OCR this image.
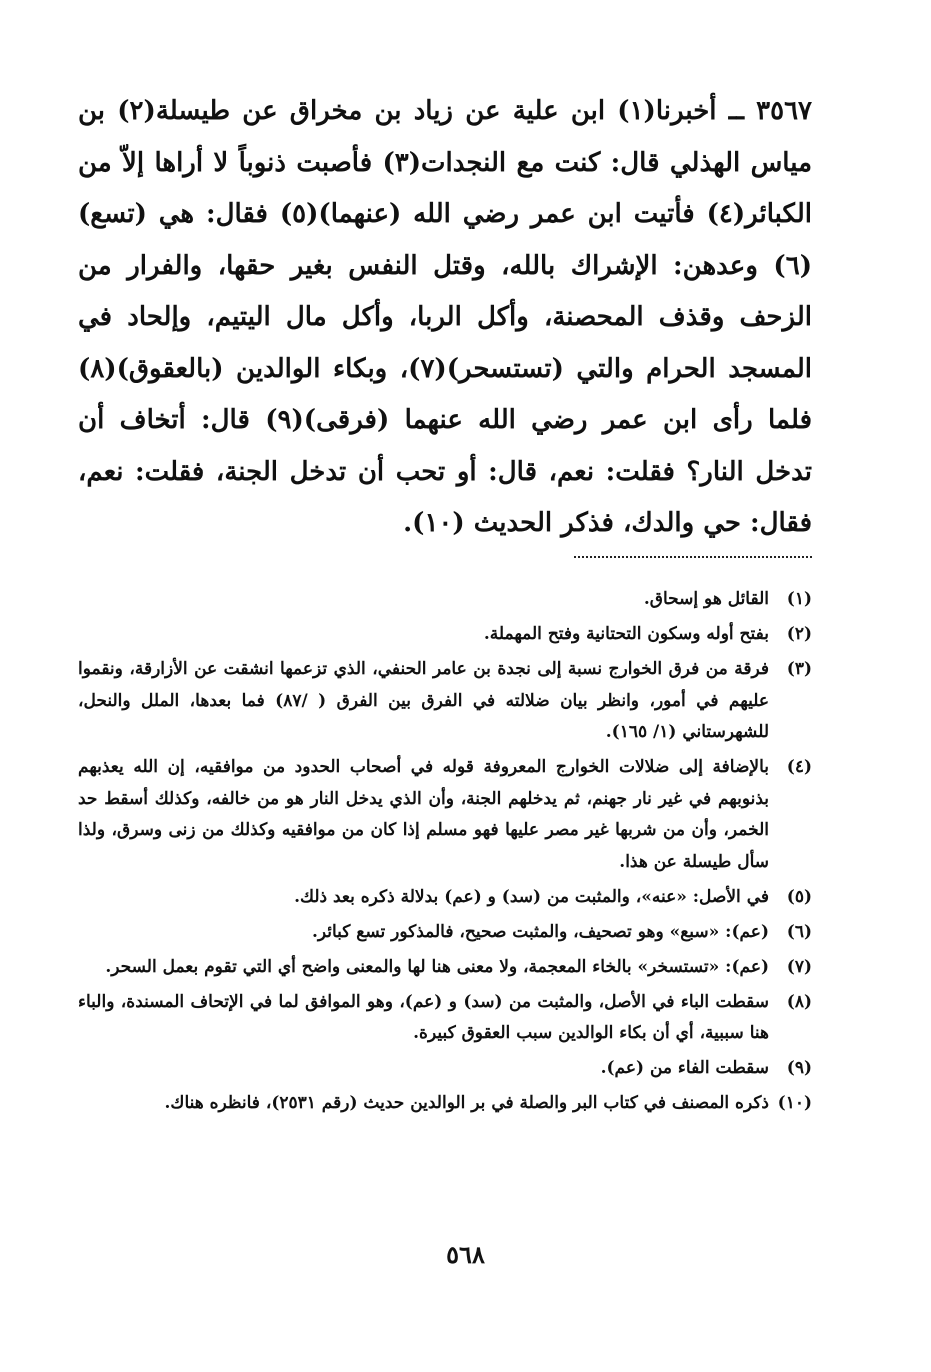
٣٥٦٧ ــ أخبرنا(١) ابن علية عن زياد بن مخراق عن طيسلة(٢) بن مياس الهذلي قال: كنت مع النجدات(٣) فأصبت ذنوباً لا أراها إلاّ من الكبائر(٤) فأتيت ابن عمر رضي الله (عنهما)(٥) فقال: هي (تسع)(٦) وعدهن: الإشراك بالله، وقتل النفس بغير حقها، والفرار من الزحف وقذف المحصنة، وأكل الربا، وأكل مال اليتيم، وإلحاد في المسجد الحرام والتي (تستسحر)(٧)، وبكاء الوالدين (بالعقوق)(٨) فلما رأى ابن عمر رضي الله عنهما (فرقى)(٩) قال: أتخاف أن تدخل النار؟ فقلت: نعم، قال: أو تحب أن تدخل الجنة، فقلت: نعم، فقال: حي والدك، فذكر الحديث (١٠).
(١)
القائل هو إسحاق.
(٢)
بفتح أوله وسكون التحتانية وفتح المهملة.
(٣)
فرقة من فرق الخوارج نسبة إلى نجدة بن عامر الحنفي، الذي تزعمها انشقت عن الأزارقة، ونقموا عليهم في أمور، وانظر بيان ضلالته في الفرق بين الفرق ( /٨٧) فما بعدها، الملل والنحل، للشهرستاني (١/ ١٦٥).
(٤)
بالإضافة إلى ضلالات الخوارج المعروفة قوله في أصحاب الحدود من موافقيه، إن الله يعذبهم بذنوبهم في غير نار جهنم، ثم يدخلهم الجنة، وأن الذي يدخل النار هو من خالفه، وكذلك أسقط حد الخمر، وأن من شربها غير مصر عليها فهو مسلم إذا كان من موافقيه وكذلك من زنى وسرق، ولذا سأل طيسلة عن هذا.
(٥)
في الأصل: «عنه»، والمثبت من (سد) و (عم) بدلالة ذكره بعد ذلك.
(٦)
(عم): «سبع» وهو تصحيف، والمثبت صحيح، فالمذكور تسع كبائر.
(٧)
(عم): «تستسخر» بالخاء المعجمة، ولا معنى هنا لها والمعنى واضح أي التي تقوم بعمل السحر.
(٨)
سقطت الباء في الأصل، والمثبت من (سد) و (عم)، وهو الموافق لما في الإتحاف المسندة، والباء هنا سببية، أي أن بكاء الوالدين سبب العقوق كبيرة.
(٩)
سقطت الفاء من (عم).
(١٠)
ذكره المصنف في كتاب البر والصلة في بر الوالدين حديث (رقم ٢٥٣١)، فانظره هناك.
٥٦٨
